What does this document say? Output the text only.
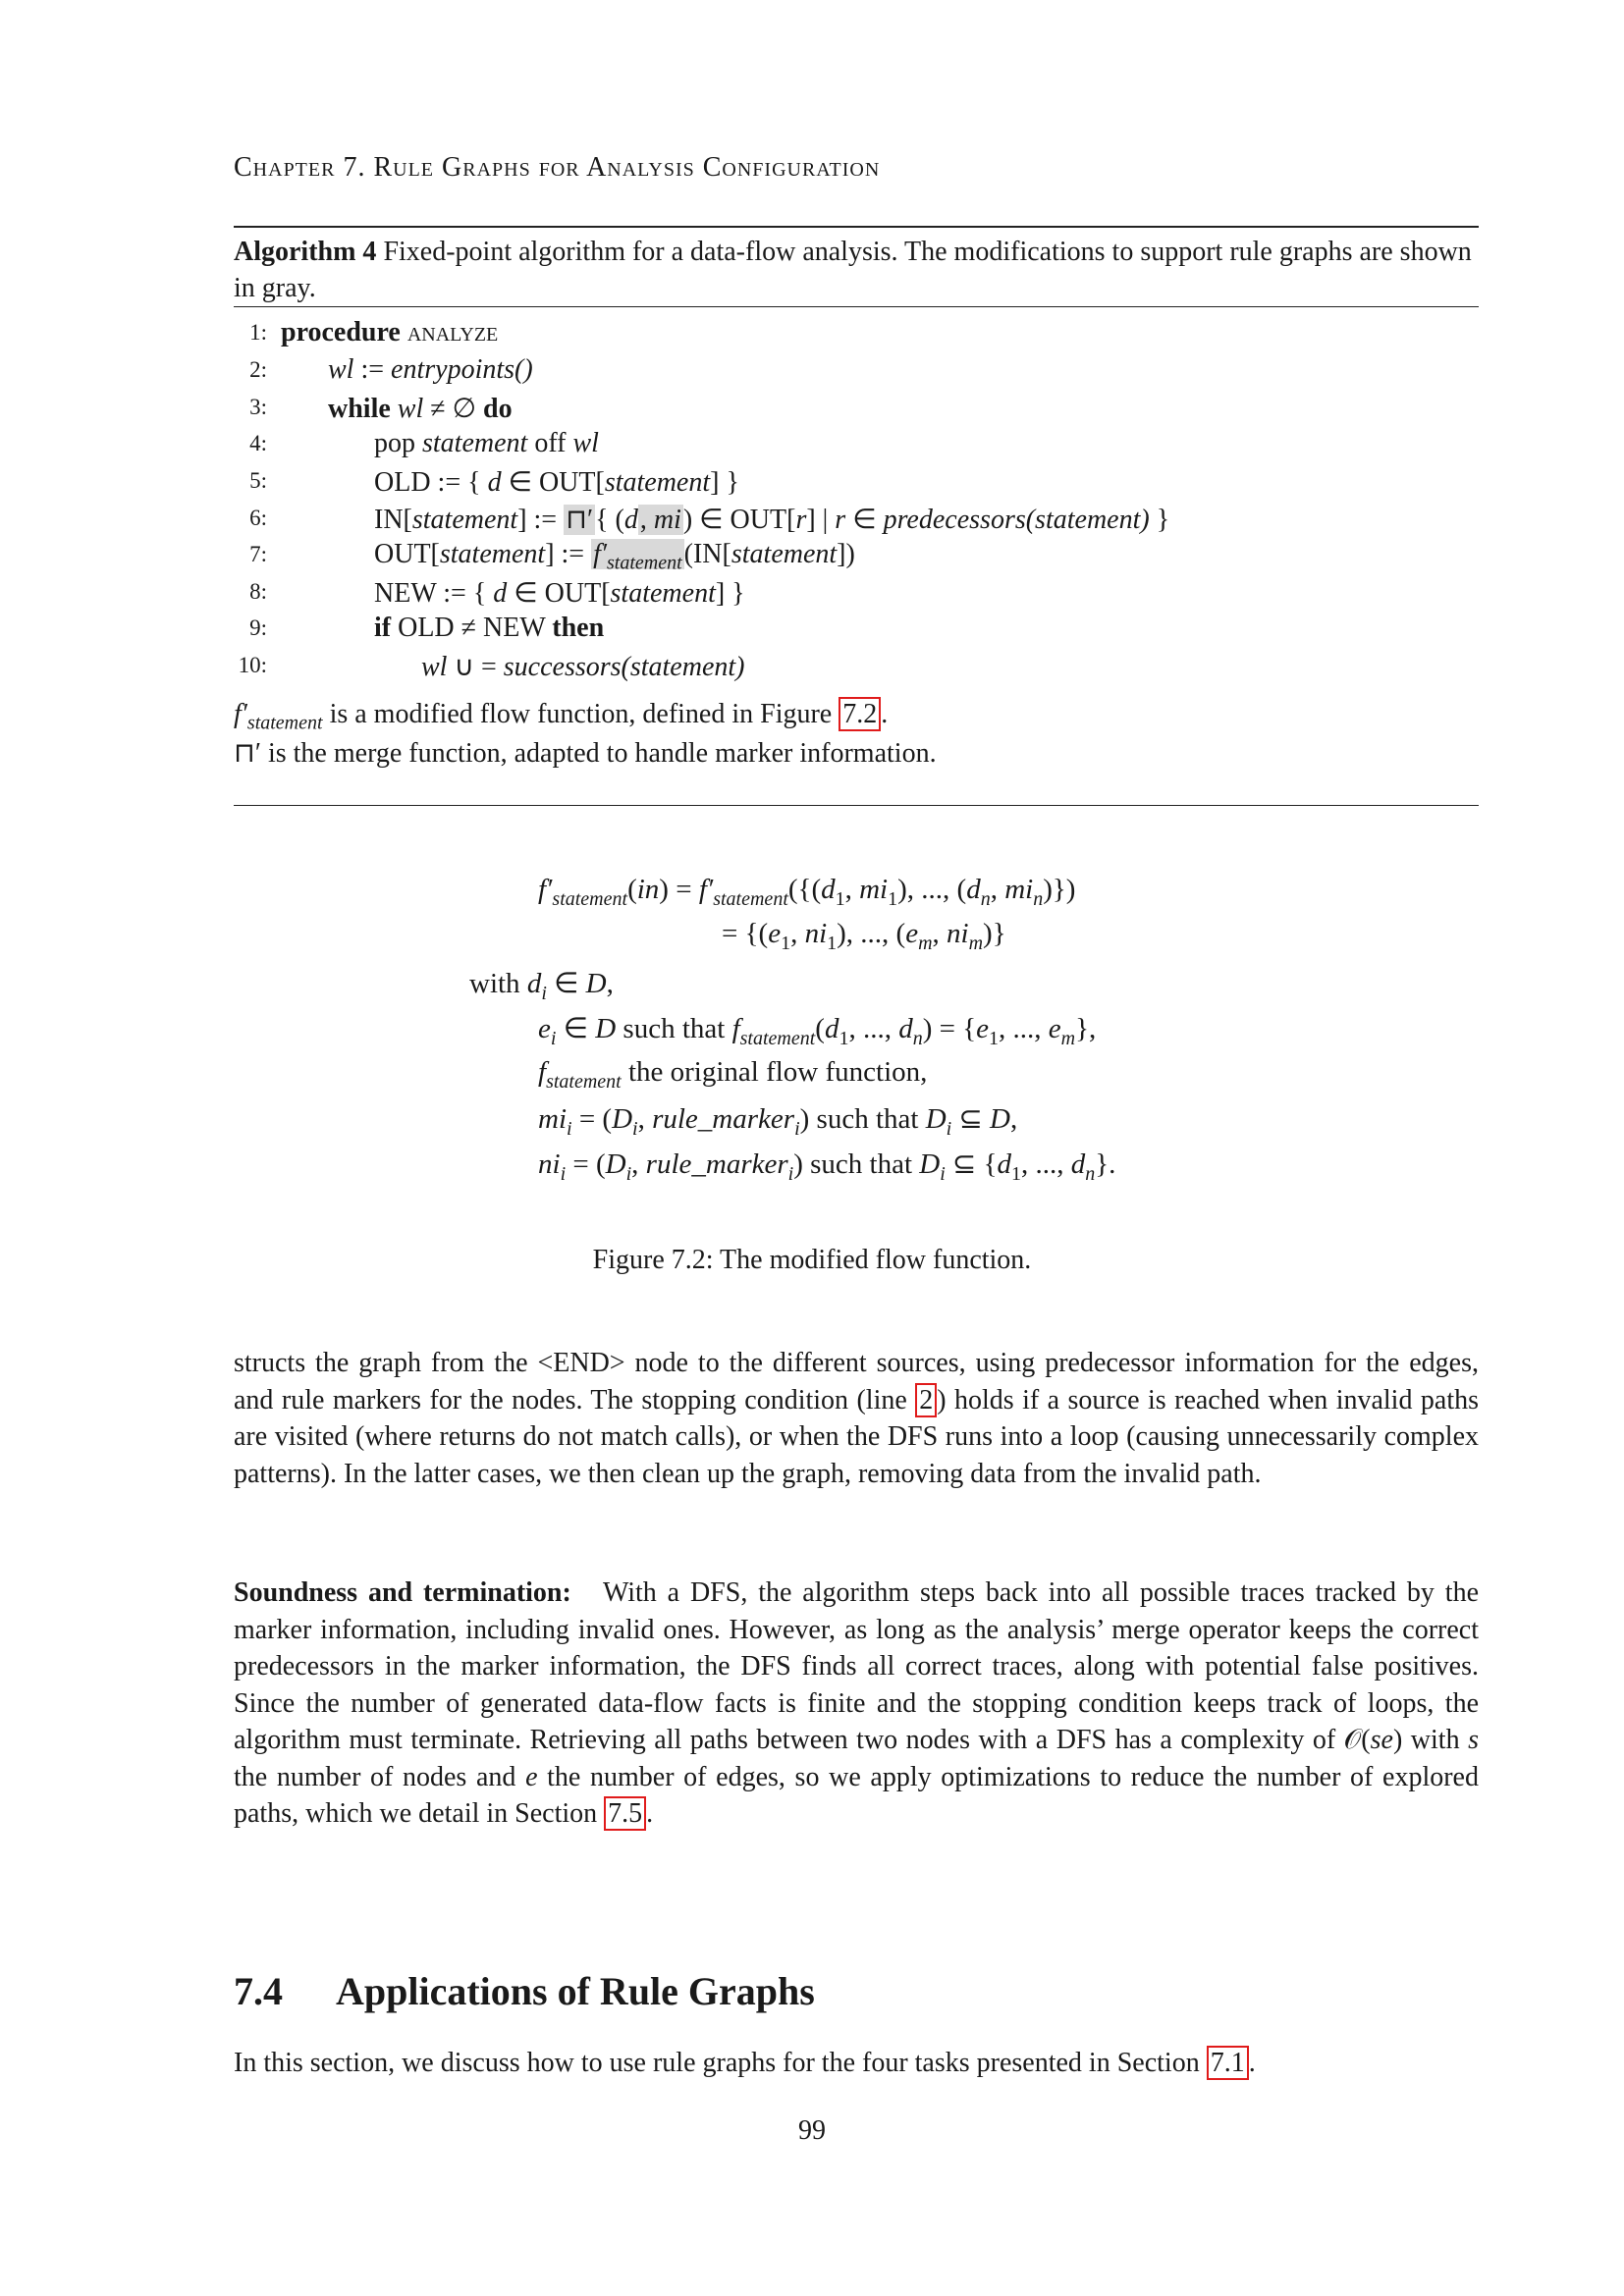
Chapter 7. Rule Graphs for Analysis Configuration
Algorithm 4 Fixed-point algorithm for a data-flow analysis. The modifications to support rule graphs are shown in gray.
1: procedure analyze
2: wl := entrypoints()
3: while wl ≠ ∅ do
4:	pop statement off wl
5:	OLD := { d ∈ OUT[statement] }
6:	IN[statement] := ⊓′{ (d, mi) ∈ OUT[r] | r ∈ predecessors(statement) }
7:	OUT[statement] := $f'_{statement}(IN[statement])$
8:	NEW := { d ∈ OUT[statement] }
9:	if OLD ≠ NEW then
10:	wl ∪ = successors(statement)
$f'_{statement}$ is a modified flow function, defined in Figure 7.2 .
⊓′ is the merge function, adapted to handle marker information.
$f'_{statement}(in) = f'_{statement}(\{(d_1$, $mi_1$), ..., ($d_n$, $mi_n$)})
= {($e_1$, $ni_1$), ..., ($e_m$, $ni_m$)}
with $d_i$ ∈ D,
$e_i$ ∈ D such that $f_{statement}(d_1$, ..., $d_n) = \{e_1$, ..., $e_m$},
$f_{statement}$ the original flow function,
$mi_i = (D_i$, rule_marker$_i$) such that $D_i$ ⊆ D,
$ni_i = (D_i$, rule_marker$_i$) such that $D_i$ ⊆ {$d_1$, ..., $d_n$}.
Figure 7.2: The modified flow function.
structs the graph from the <END> node to the different sources, using predecessor information for the edges, and rule markers for the nodes. The stopping condition (line 2 ) holds if a source is reached when invalid paths are visited (where returns do not match calls), or when the DFS runs into a loop (causing unnecessarily complex patterns). In the latter cases, we then clean up the graph, removing data from the invalid path.
Soundness and termination: With a DFS, the algorithm steps back into all possible traces tracked by the marker information, including invalid ones. However, as long as the analysis’ merge operator keeps the correct predecessors in the marker information, the DFS finds all correct traces, along with potential false positives. Since the number of generated data-flow facts is finite and the stopping condition keeps track of loops, the algorithm must terminate. Retrieving all paths between two nodes with a DFS has a complexity of 𝒪(se) with s the number of nodes and e the number of edges, so we apply optimizations to reduce the number of explored paths, which we detail in Section 7.5 .
7.4 Applications of Rule Graphs
In this section, we discuss how to use rule graphs for the four tasks presented in Section 7.1 .
99
